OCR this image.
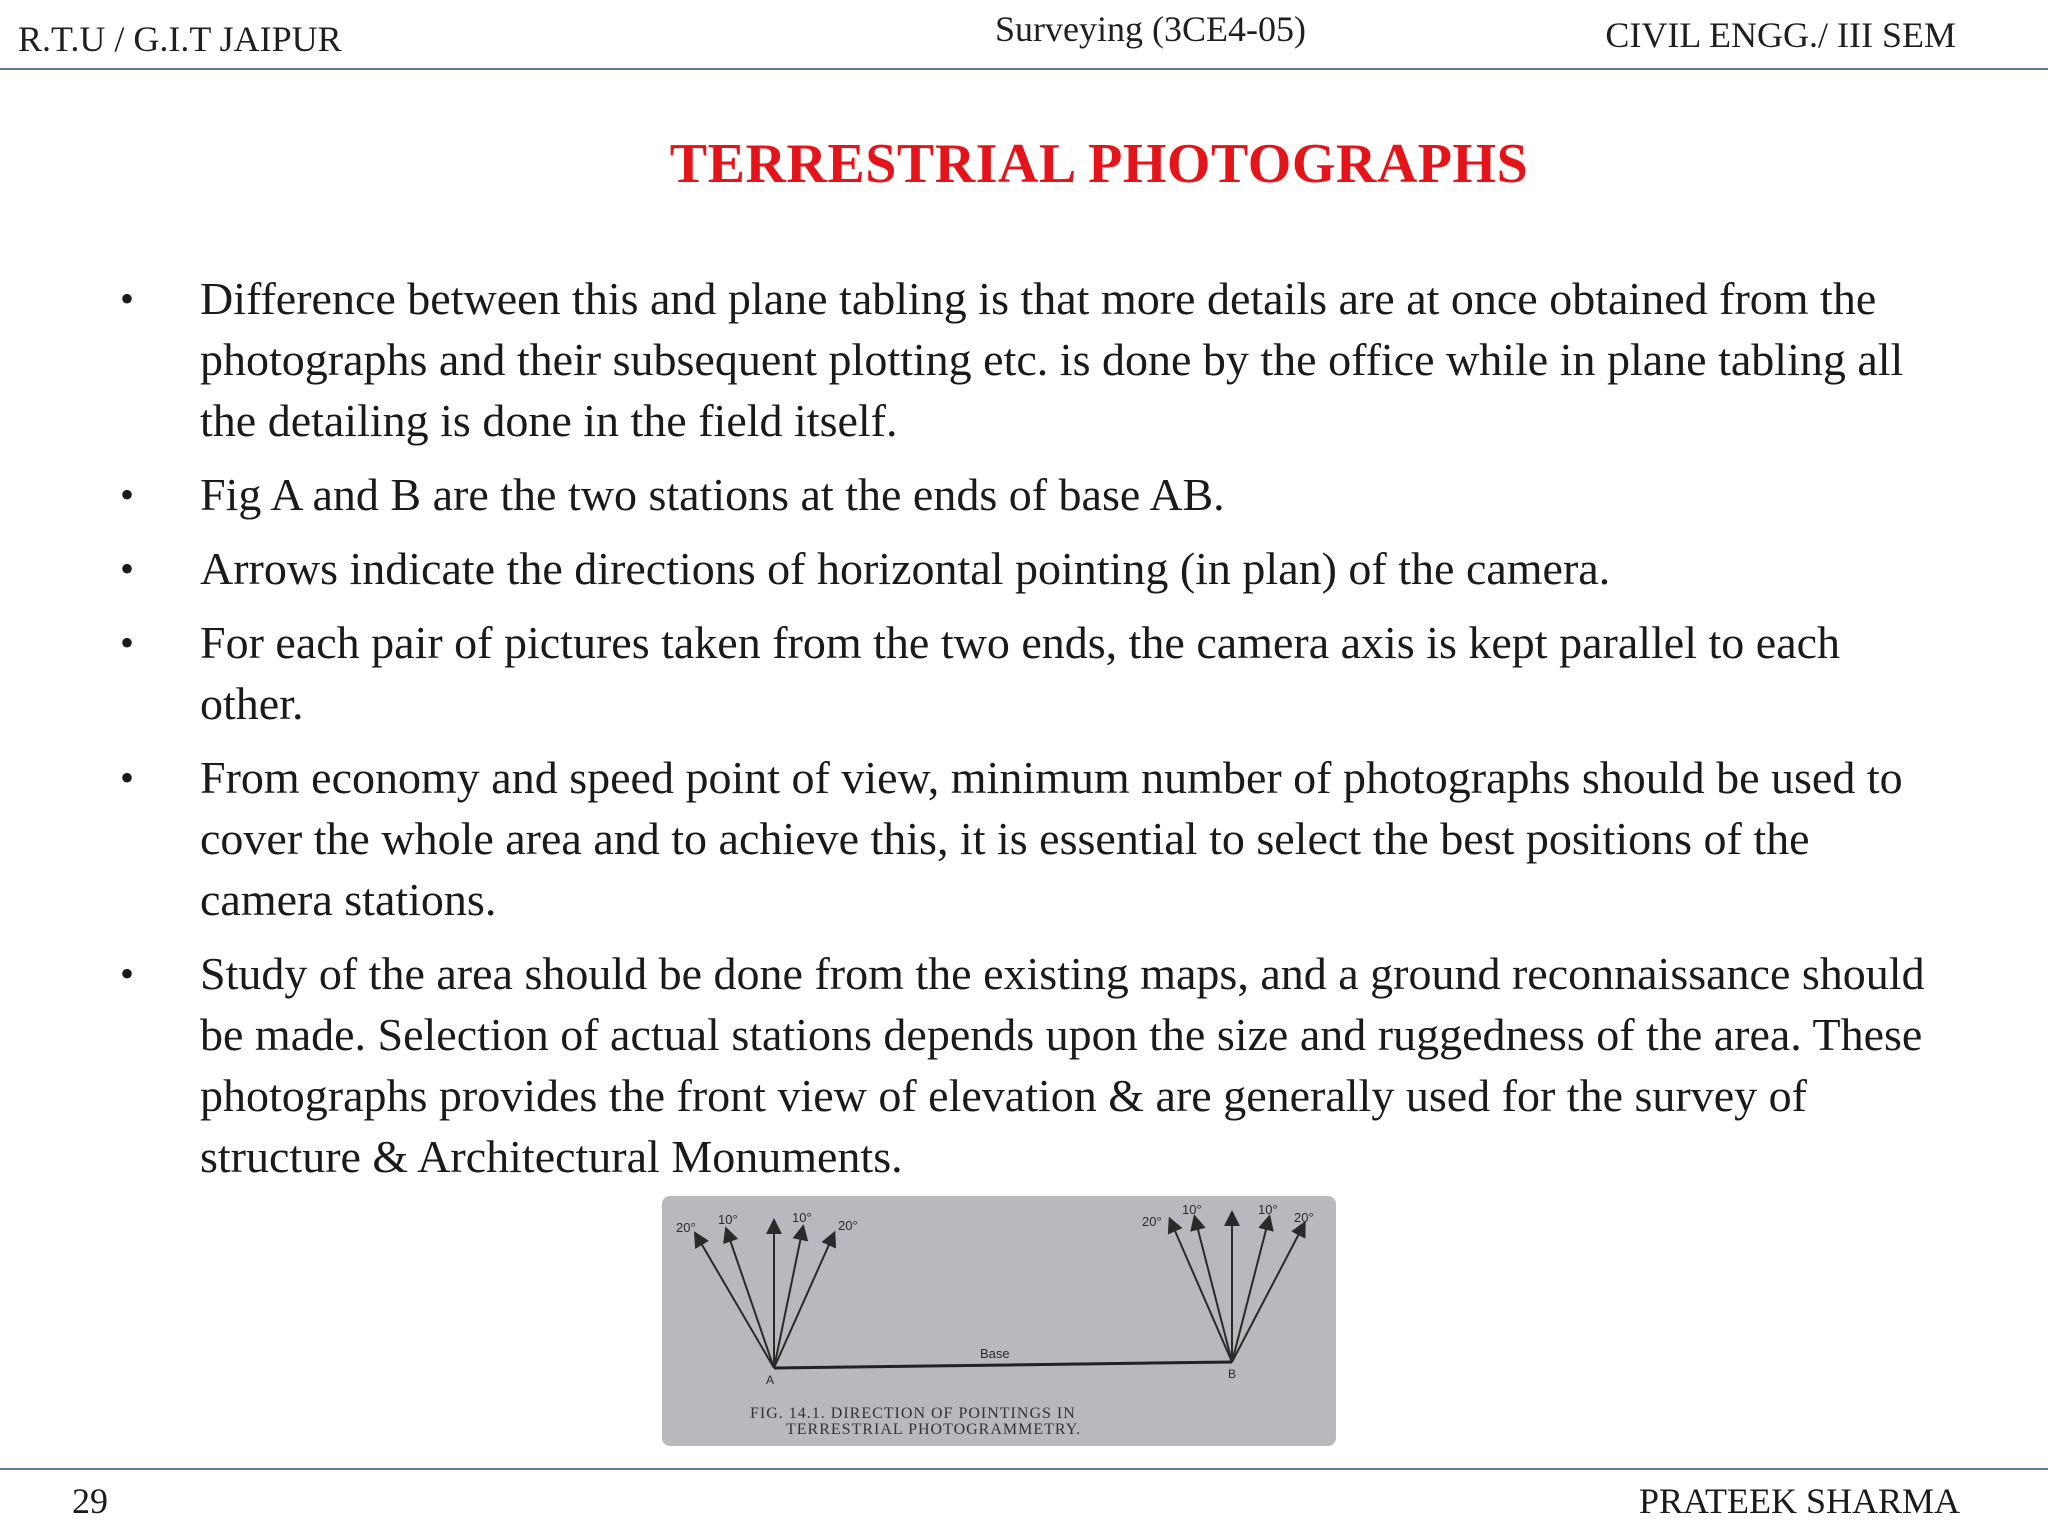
R.T.U / G.I.T JAIPUR	Surveying (3CE4-05)	CIVIL ENGG./ III SEM
TERRESTRIAL PHOTOGRAPHS
• Difference between this and plane tabling is that more details are at once obtained from the photographs and their subsequent plotting etc. is done by the office while in plane tabling all the detailing is done in the field itself.
• Fig A and B are the two stations at the ends of base AB.
• Arrows indicate the directions of horizontal pointing (in plan) of the camera.
• For each pair of pictures taken from the two ends, the camera axis is kept parallel to each other.
• From economy and speed point of view, minimum number of photographs should be used to cover the whole area and to achieve this, it is essential to select the best positions of the camera stations.
• Study of the area should be done from the existing maps, and a ground reconnaissance should be made. Selection of actual stations depends upon the size and ruggedness of the area. These photographs provides the front view of elevation & are generally used for the survey of structure & Architectural Monuments.
20°
10°	10°
20°	20°
10°	10°
20°
Base
A	B
FIG. 14.1. DIRECTION OF POINTINGS IN
TERRESTRIAL PHOTOGRAMMETRY.
29	PRATEEK SHARMA
